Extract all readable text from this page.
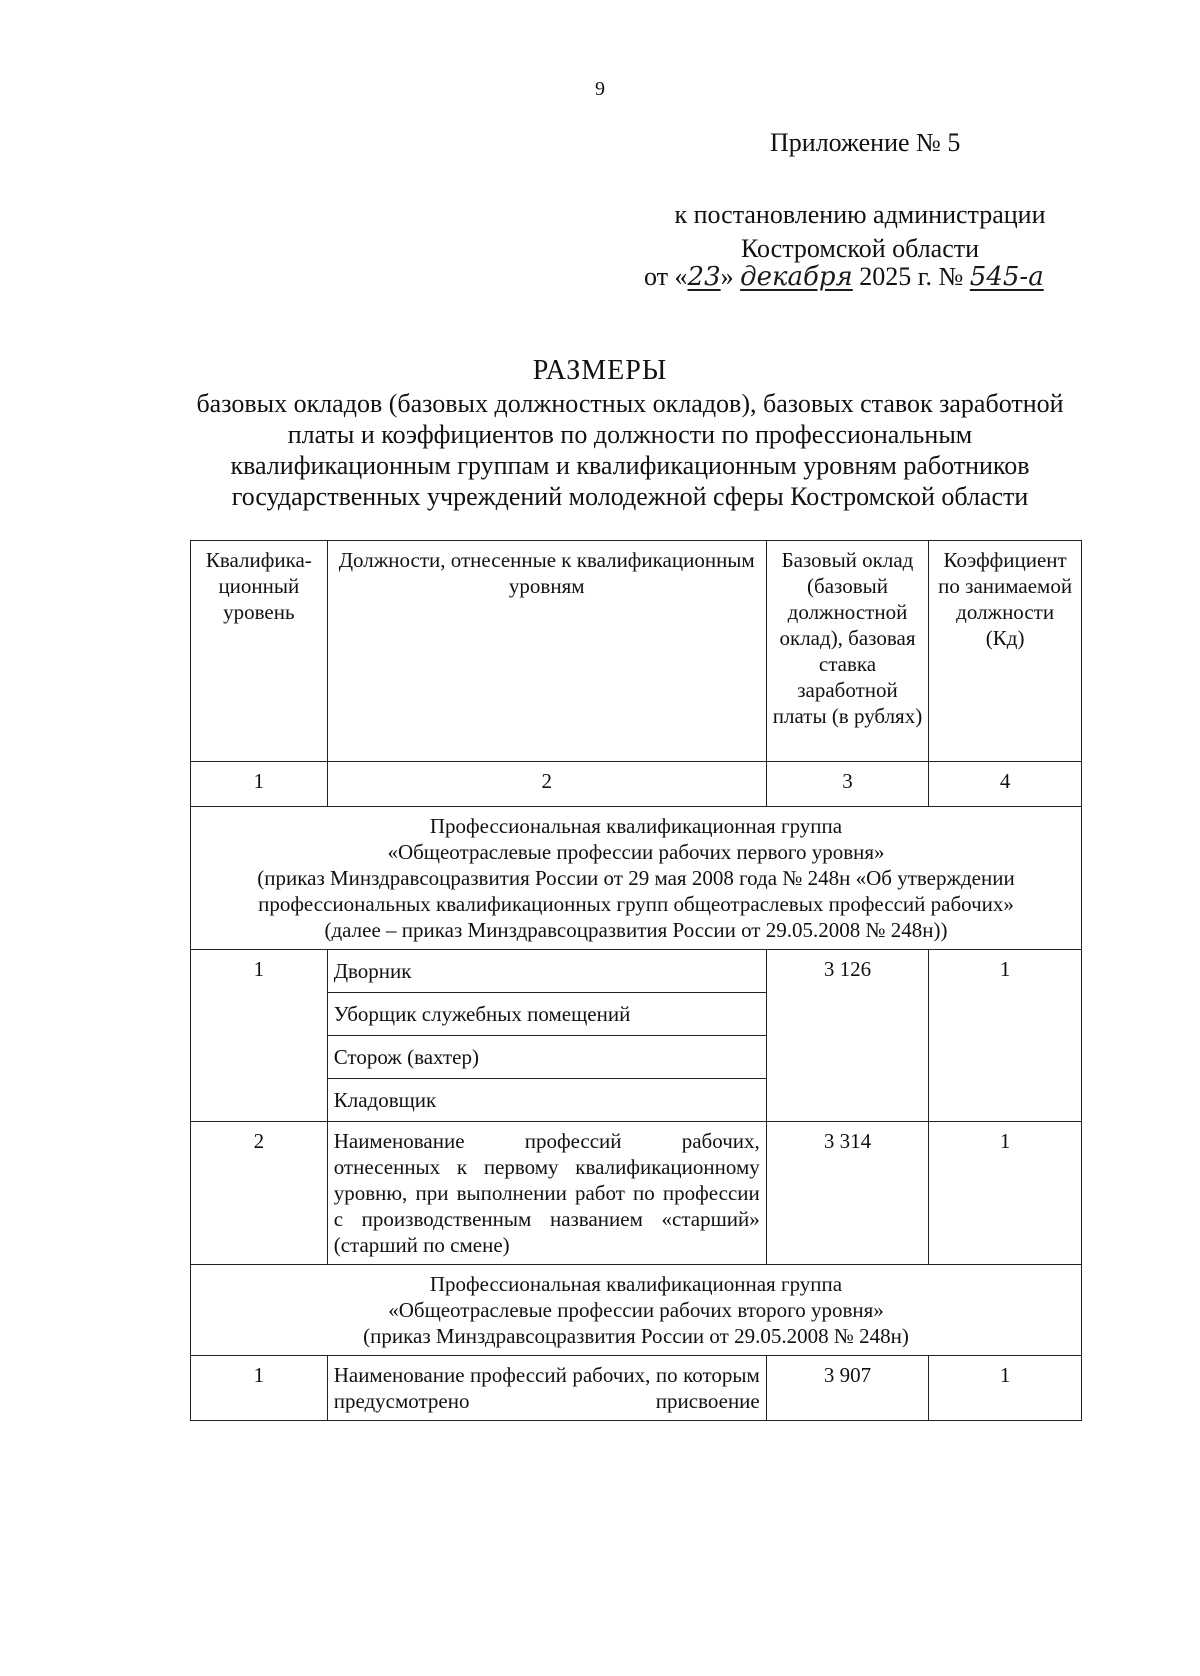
9
Приложение № 5
к постановлению администрации
Костромской области
от «23» декабря 2025 г. № 545-а
РАЗМЕРЫ
базовых окладов (базовых должностных окладов), базовых ставок заработной платы и коэффициентов по должности по профессиональным квалификационным группам и квалификационным уровням работников государственных учреждений молодежной сферы Костромской области
Квалифика-ционный уровень	Должности, отнесенные к квалификационным уровням	Базовый оклад (базовый должностной оклад), базовая ставка заработной платы (в рублях)	Коэффициент по занимаемой должности (Кд)
1	2	3	4

Профессиональная квалификационная группа
«Общеотраслевые профессии рабочих первого уровня»
(приказ Минздравсоцразвития России от 29 мая 2008 года № 248н «Об утверждении профессиональных квалификационных групп общеотраслевых профессий рабочих»
(далее – приказ Минздравсоцразвития России от 29.05.2008 № 248н))			

1	Дворник	3 126	1
	Уборщик служебных помещений		
	Сторож (вахтер)		
	Кладовщик		
2	Наименование профессий рабочих, отнесенных к первому квалификационному уровню, при выполнении работ по профессии с производственным названием «старший» (старший по смене)	3 314	1

Профессиональная квалификационная группа
«Общеотраслевые профессии рабочих второго уровня»
(приказ Минздравсоцразвития России от 29.05.2008 № 248н)			

1	Наименование профессий рабочих, по которым предусмотрено присвоение	3 907	1
